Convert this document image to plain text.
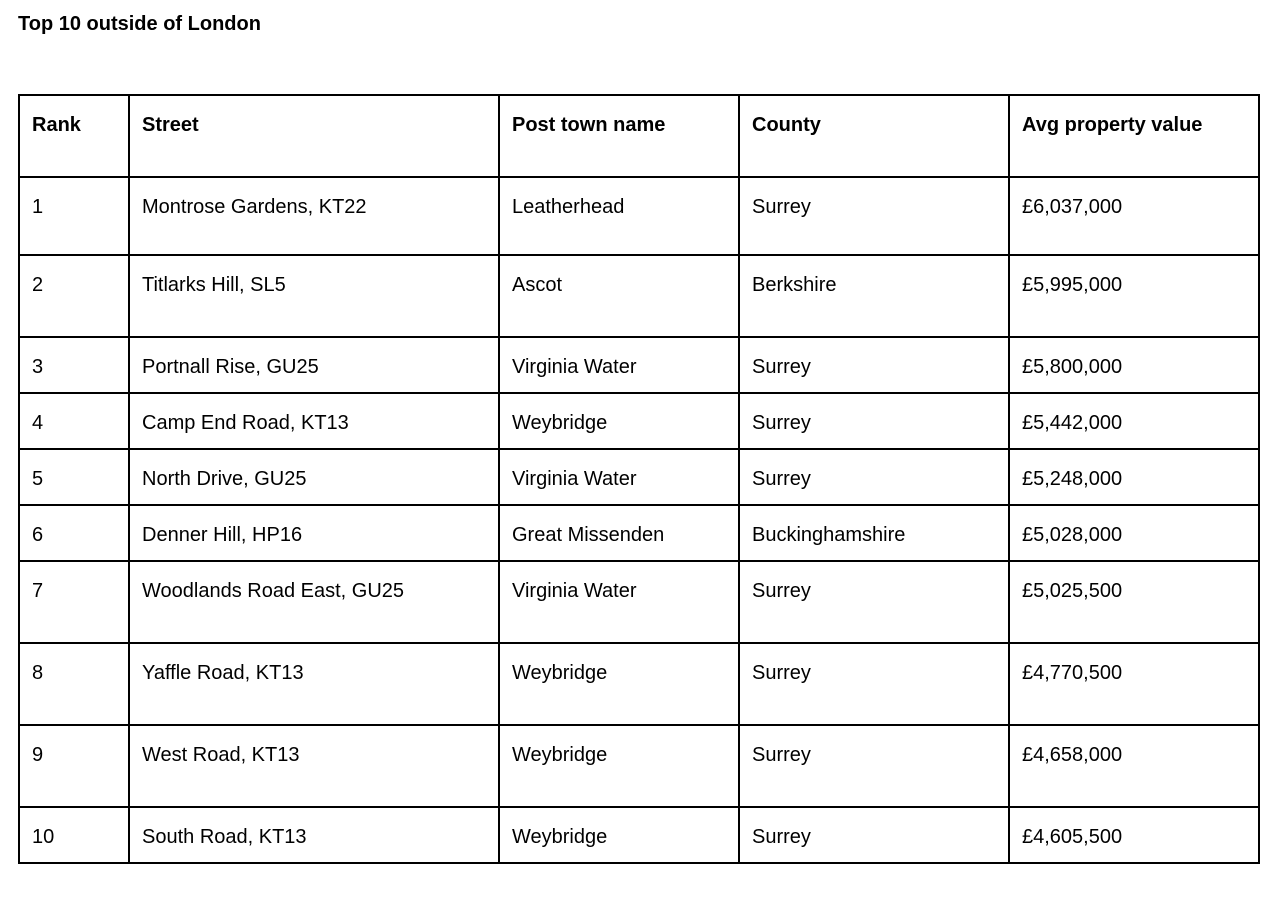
Top 10 outside of London
Rank	Street	Post town name	County	Avg property value
1	Montrose Gardens, KT22	Leatherhead	Surrey	£6,037,000
2	Titlarks Hill, SL5	Ascot	Berkshire	£5,995,000
3	Portnall Rise, GU25	Virginia Water	Surrey	£5,800,000
4	Camp End Road, KT13	Weybridge	Surrey	£5,442,000
5	North Drive, GU25	Virginia Water	Surrey	£5,248,000
6	Denner Hill, HP16	Great Missenden	Buckinghamshire	£5,028,000
7	Woodlands Road East, GU25	Virginia Water	Surrey	£5,025,500
8	Yaffle Road, KT13	Weybridge	Surrey	£4,770,500
9	West Road, KT13	Weybridge	Surrey	£4,658,000
10	South Road, KT13	Weybridge	Surrey	£4,605,500
